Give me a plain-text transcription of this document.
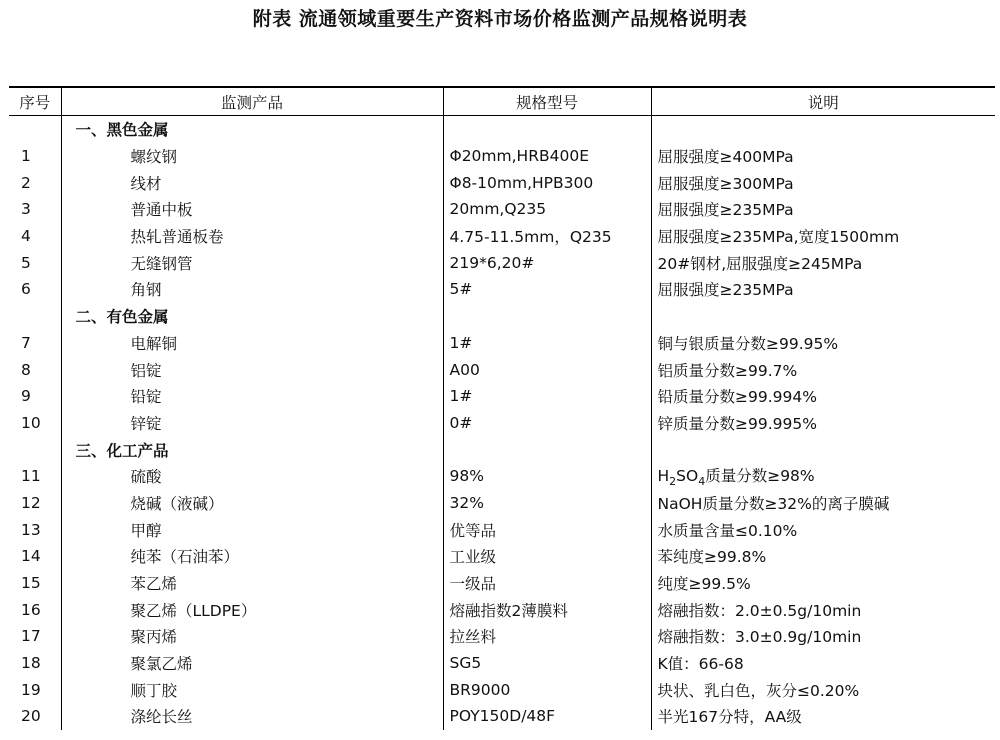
附表 流通领域重要生产资料市场价格监测产品规格说明表
序号	监测产品	规格型号	说明
	一、黑色金属		
1	螺纹钢	Φ20mm,HRB400E	屈服强度≥400MPa
2	线材	Φ8-10mm,HPB300	屈服强度≥300MPa
3	普通中板	20mm,Q235	屈服强度≥235MPa
4	热轧普通板卷	4.75-11.5mm，Q235	屈服强度≥235MPa,宽度1500mm
5	无缝钢管	219*6,20#	20#钢材,屈服强度≥245MPa
6	角钢	5#	屈服强度≥235MPa
	二、有色金属		
7	电解铜	1#	铜与银质量分数≥99.95%
8	铝锭	A00	铝质量分数≥99.7%
9	铅锭	1#	铅质量分数≥99.994%
10	锌锭	0#	锌质量分数≥99.995%
	三、化工产品		
11	硫酸	98%	$H_2SO_4$质量分数≥98%
12	烧碱（液碱）	32%	NaOH质量分数≥32%的离子膜碱
13	甲醇	优等品	水质量含量≤0.10%
14	纯苯（石油苯）	工业级	苯纯度≥99.8%
15	苯乙烯	一级品	纯度≥99.5%
16	聚乙烯（LLDPE）	熔融指数2薄膜料	熔融指数：2.0±0.5g/10min
17	聚丙烯	拉丝料	熔融指数：3.0±0.9g/10min
18	聚氯乙烯	SG5	K值：66-68
19	顺丁胶	BR9000	块状、乳白色，灰分≤0.20%
20	涤纶长丝	POY150D/48F	半光167分特，AA级
